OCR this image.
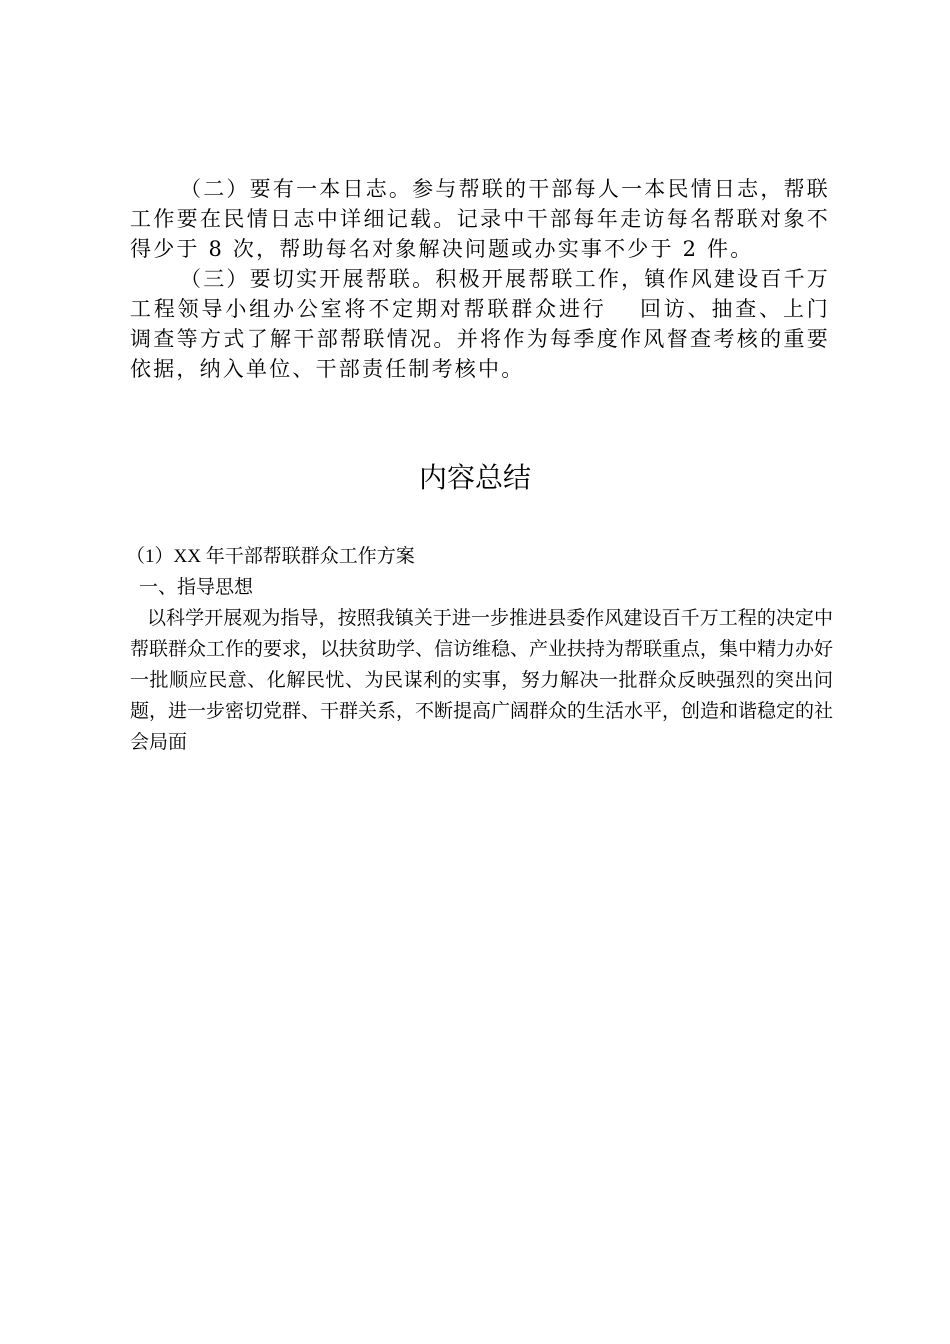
（二）要有一本日志。参与帮联的干部每人一本民情日志，帮联工作要在民情日志中详细记载。记录中干部每年走访每名帮联对象不得少于 8 次，帮助每名对象解决问题或办实事不少于 2 件。

（三）要切实开展帮联。积极开展帮联工作，镇作风建设百千万工程领导小组办公室将不定期对帮联群众进行　 回访、抽查、上门调查等方式了解干部帮联情况。并将作为每季度作风督查考核的重要依据，纳入单位、干部责任制考核中。

内容总结

（1）XX 年干部帮联群众工作方案

一、指导思想

以科学开展观为指导，按照我镇关于进一步推进县委作风建设百千万工程的决定中帮联群众工作的要求，以扶贫助学、信访维稳、产业扶持为帮联重点，集中精力办好一批顺应民意、化解民忧、为民谋利的实事，努力解决一批群众反映强烈的突出问题，进一步密切党群、干群关系，不断提高广阔群众的生活水平，创造和谐稳定的社会局面
